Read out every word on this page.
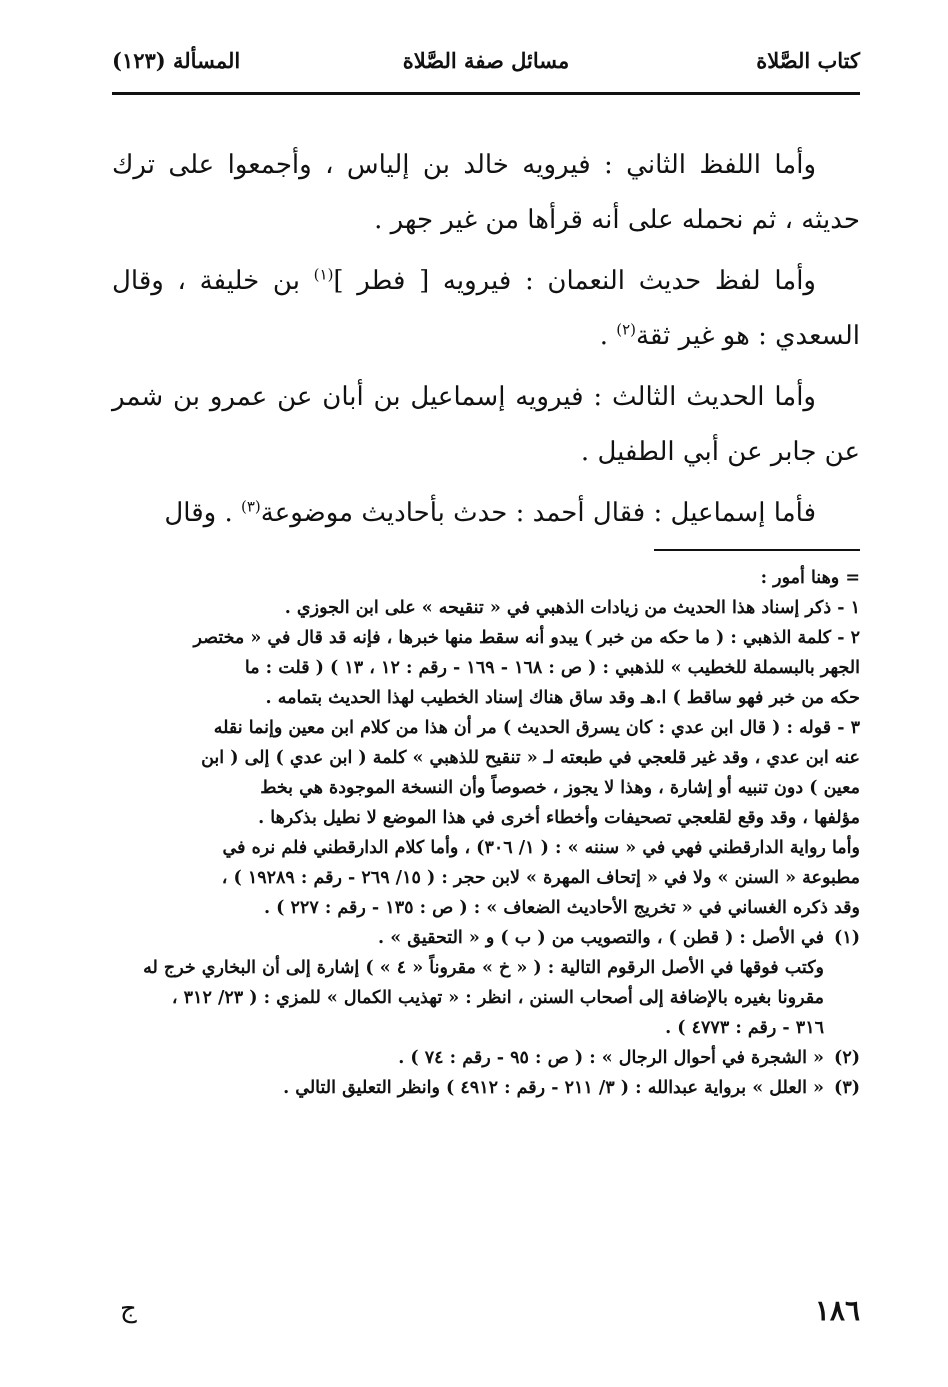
كتاب الصَّلاة
مسائل صفة الصَّلاة
المسألة (١٢٣)

وأما اللفظ الثاني : فيرويه خالد بن إلياس ، وأجمعوا على ترك حديثه ، ثم نحمله على أنه قرأها من غير جهر .

وأما لفظ حديث النعمان : فيرويه [ فطر ]$^{(١)}$ بن خليفة ، وقال السعدي : هو غير ثقة$^{(٢)}$ .

وأما الحديث الثالث : فيرويه إسماعيل بن أبان عن عمرو بن شمر عن جابر عن أبي الطفيل .

فأما إسماعيل : فقال أحمد : حدث بأحاديث موضوعة$^{(٣)}$ . وقال

= وهنا أمور :
١ - ذكر إسناد هذا الحديث من زيادات الذهبي في « تنقيحه » على ابن الجوزي .
٢ - كلمة الذهبي : ( ما حكه من خبر ) يبدو أنه سقط منها خبرها ، فإنه قد قال في « مختصر
الجهر بالبسملة للخطيب » للذهبي : ( ص : ١٦٨ - ١٦٩ - رقم : ١٢ ، ١٣ ) ( قلت : ما
حكه من خبر فهو ساقط ) ا.هـ وقد ساق هناك إسناد الخطيب لهذا الحديث بتمامه .
٣ - قوله : ( قال ابن عدي : كان يسرق الحديث ) مر أن هذا من كلام ابن معين وإنما نقله
عنه ابن عدي ، وقد غير قلعجي في طبعته لـ « تنقيح للذهبي » كلمة ( ابن عدي ) إلى ( ابن
معين ) دون تنبيه أو إشارة ، وهذا لا يجوز ، خصوصاً وأن النسخة الموجودة هي بخط
مؤلفها ، وقد وقع لقلعجي تصحيفات وأخطاء أخرى في هذا الموضع لا نطيل بذكرها .
وأما رواية الدارقطني فهي في « سننه » : ( ١/ ٣٠٦) ، وأما كلام الدارقطني فلم نره في
مطبوعة « السنن » ولا في « إتحاف المهرة » لابن حجر : ( ١٥/ ٢٦٩ - رقم : ١٩٢٨٩ ) ،
وقد ذكره الغساني في « تخريج الأحاديث الضعاف » : ( ص : ١٣٥ - رقم : ٢٢٧ ) .
(١)
في الأصل : ( قطن ) ، والتصويب من ( ب ) و « التحقيق » .
وكتب فوقها في الأصل الرقوم التالية : ( « خ » مقروناً « ٤ » ) إشارة إلى أن البخاري خرج له
مقرونا بغيره بالإضافة إلى أصحاب السنن ، انظر : « تهذيب الكمال » للمزي : ( ٢٣/ ٣١٢ ،
٣١٦ - رقم : ٤٧٧٣ ) .
(٢)
« الشجرة في أحوال الرجال » : ( ص : ٩٥ - رقم : ٧٤ ) .
(٣)
« العلل » برواية عبدالله : ( ٣/ ٢١١ - رقم : ٤٩١٢ ) وانظر التعليق التالي .
١٨٦
ج
